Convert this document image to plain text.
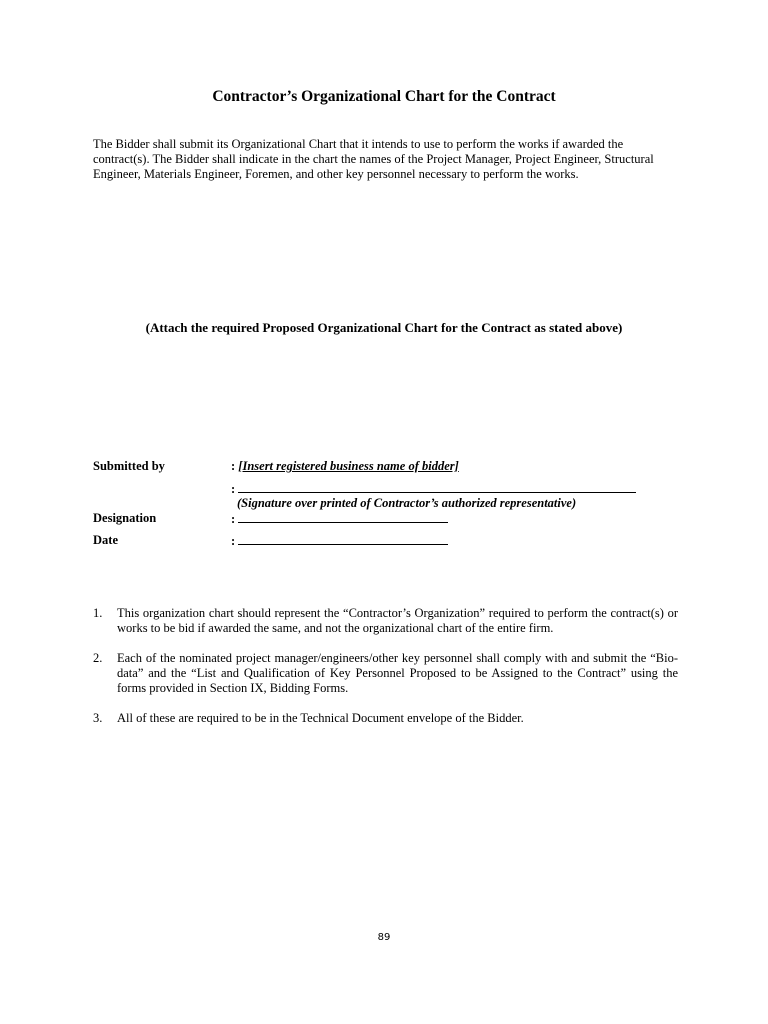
Contractor’s Organizational Chart for the Contract
The Bidder shall submit its Organizational Chart that it intends to use to perform the works if awarded the contract(s). The Bidder shall indicate in the chart the names of the Project Manager, Project Engineer, Structural Engineer, Materials Engineer, Foremen, and other key personnel necessary to perform the works.
(Attach the required Proposed Organizational Chart for the Contract as stated above)
Submitted by	: [Insert registered business name of bidder]
:
(Signature over printed of Contractor’s authorized representative)
Designation	:
Date	:
1. This organization chart should represent the “Contractor’s Organization” required to perform the contract(s) or works to be bid if awarded the same, and not the organizational chart of the entire firm.
2. Each of the nominated project manager/engineers/other key personnel shall comply with and submit the “Bio-data” and the “List and Qualification of Key Personnel Proposed to be Assigned to the Contract” using the forms provided in Section IX, Bidding Forms.
3. All of these are required to be in the Technical Document envelope of the Bidder.
89
